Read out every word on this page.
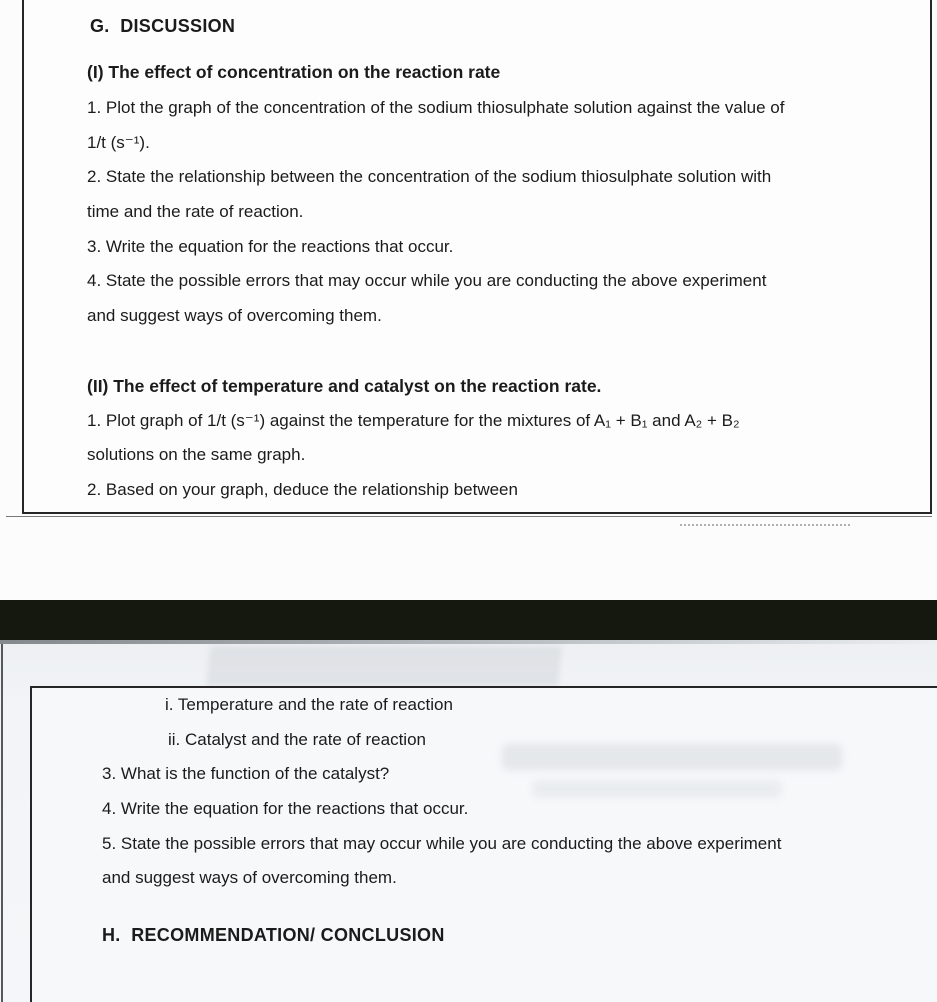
G.  DISCUSSION
(I) The effect of concentration on the reaction rate
1. Plot the graph of the concentration of the sodium thiosulphate solution against the value of
1/t (s⁻¹).
2. State the relationship between the concentration of the sodium thiosulphate solution with
time and the rate of reaction.
3. Write the equation for the reactions that occur.
4. State the possible errors that may occur while you are conducting the above experiment
and suggest ways of overcoming them.
(II) The effect of temperature and catalyst on the reaction rate.
1. Plot graph of 1/t (s⁻¹) against the temperature for the mixtures of A₁ + B₁ and A₂ + B₂
solutions on the same graph.
2. Based on your graph, deduce the relationship between
i. Temperature and the rate of reaction
ii. Catalyst and the rate of reaction
3. What is the function of the catalyst?
4. Write the equation for the reactions that occur.
5. State the possible errors that may occur while you are conducting the above experiment
and suggest ways of overcoming them.
H.  RECOMMENDATION/ CONCLUSION
